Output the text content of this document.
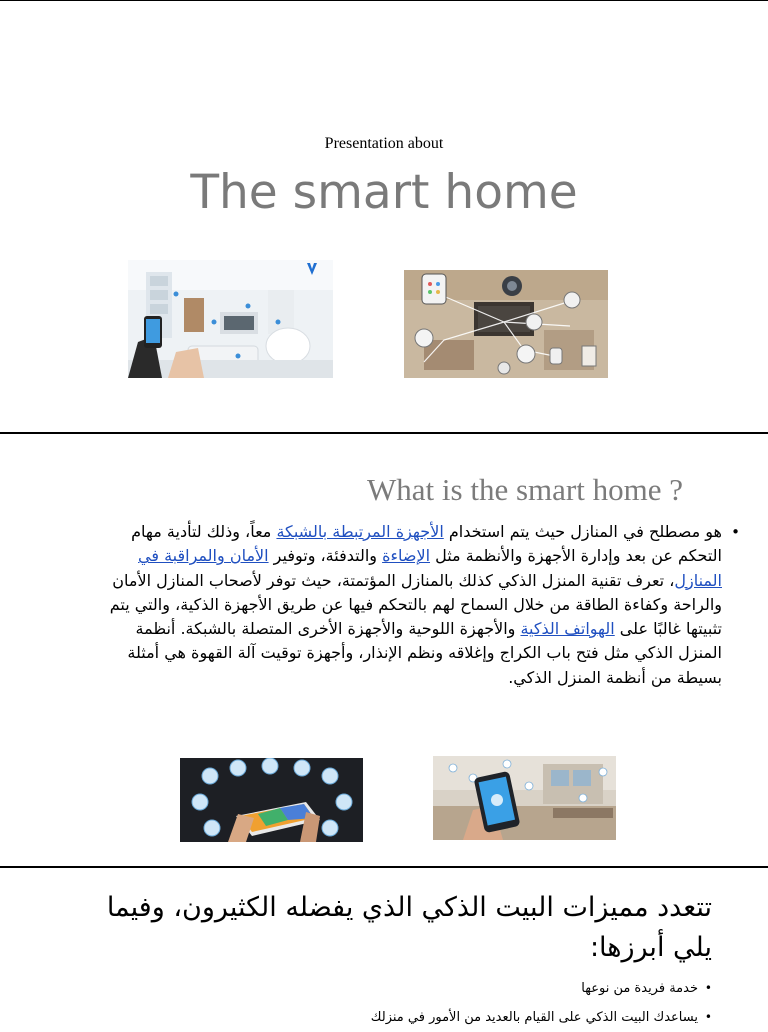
Presentation about
The smart home
What is the smart home ?

•
هو مصطلح في المنازل حيث يتم استخدام الأجهزة المرتبطة بالشبكة معاً، وذلك لتأدية مهام التحكم عن بعد وإدارة الأجهزة والأنظمة مثل الإضاءة والتدفئة، وتوفير الأمان والمراقبة في المنازل، تعرف تقنية المنزل الذكي كذلك بالمنازل المؤتمتة، حيث توفر لأصحاب المنازل الأمان والراحة وكفاءة الطاقة من خلال السماح لهم بالتحكم فيها عن طريق الأجهزة الذكية، والتي يتم تثبيتها غالبًا على الهواتف الذكية والأجهزة اللوحية والأجهزة الأخرى المتصلة بالشبكة. أنظمة المنزل الذكي مثل فتح باب الكراج وإغلاقه ونظم الإنذار، وأجهزة توقيت آلة القهوة هي أمثلة بسيطة من أنظمة المنزل الذكي.

تتعدد مميزات البيت الذكي الذي يفضله الكثيرون، وفيما يلي أبرزها:
•
خدمة فريدة من نوعها
•
يساعدك البيت الذكي على القيام بالعديد من الأمور في منزلك
